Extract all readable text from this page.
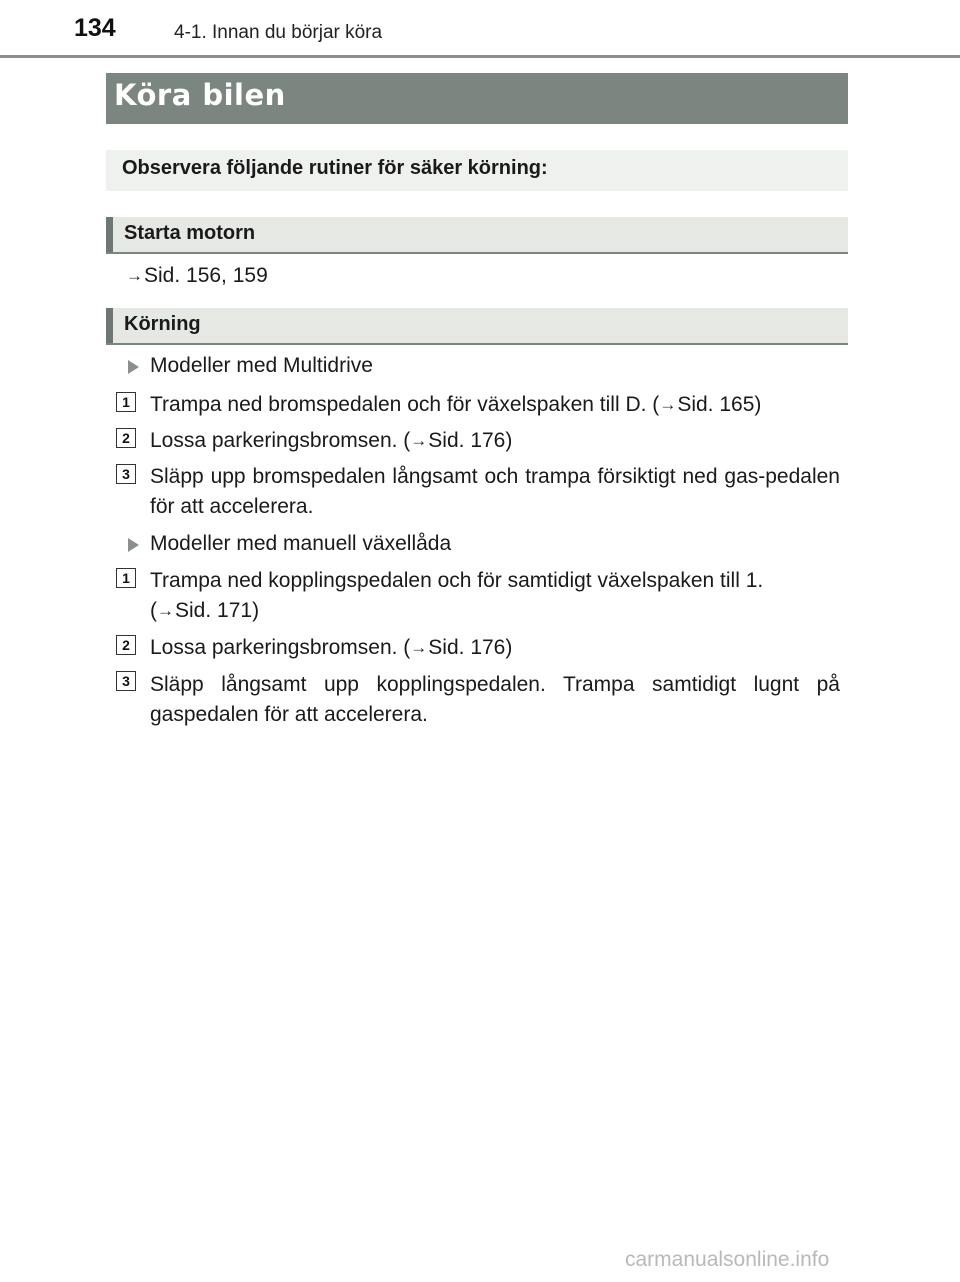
134	4-1. Innan du börjar köra
Köra bilen
Observera följande rutiner för säker körning:
Starta motorn
→Sid. 156, 159
Körning
Modeller med Multidrive
1 Trampa ned bromspedalen och för växelspaken till D. (→Sid. 165)
2 Lossa parkeringsbromsen. (→Sid. 176)
3 Släpp upp bromspedalen långsamt och trampa försiktigt ned gas-pedalen för att accelerera.
Modeller med manuell växellåda
1 Trampa ned kopplingspedalen och för samtidigt växelspaken till 1.
(→Sid. 171)
2 Lossa parkeringsbromsen. (→Sid. 176)
3 Släpp långsamt upp kopplingspedalen. Trampa samtidigt lugnt på gaspedalen för att accelerera.
carmanualsonline.info
